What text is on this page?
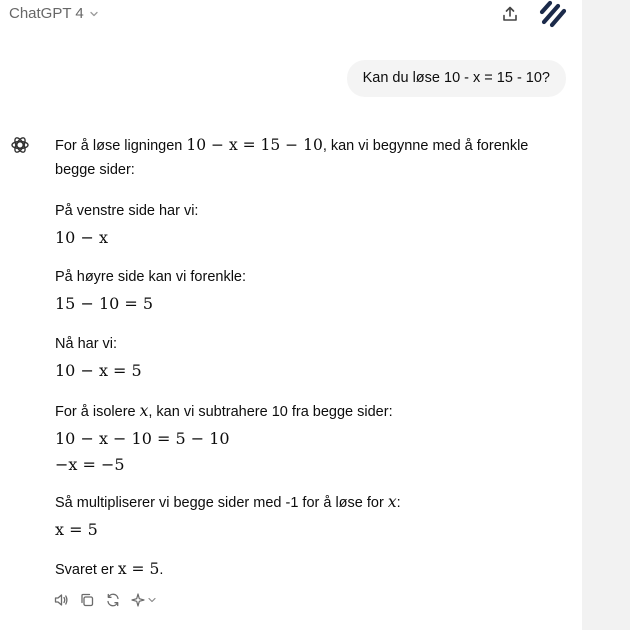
ChatGPT 4
Kan du løse 10 - x = 15 - 10?

For å løse ligningen 10 − x = 15 − 10, kan vi begynne med å forenkle begge sider:

På venstre side har vi:
10 − x
På høyre side kan vi forenkle:
15 − 10 = 5
Nå har vi:
10 − x = 5
For å isolere x, kan vi subtrahere 10 fra begge sider:
10 − x − 10 = 5 − 10
−x = −5
Så multipliserer vi begge sider med -1 for å løse for x:
x = 5
Svaret er x = 5.
